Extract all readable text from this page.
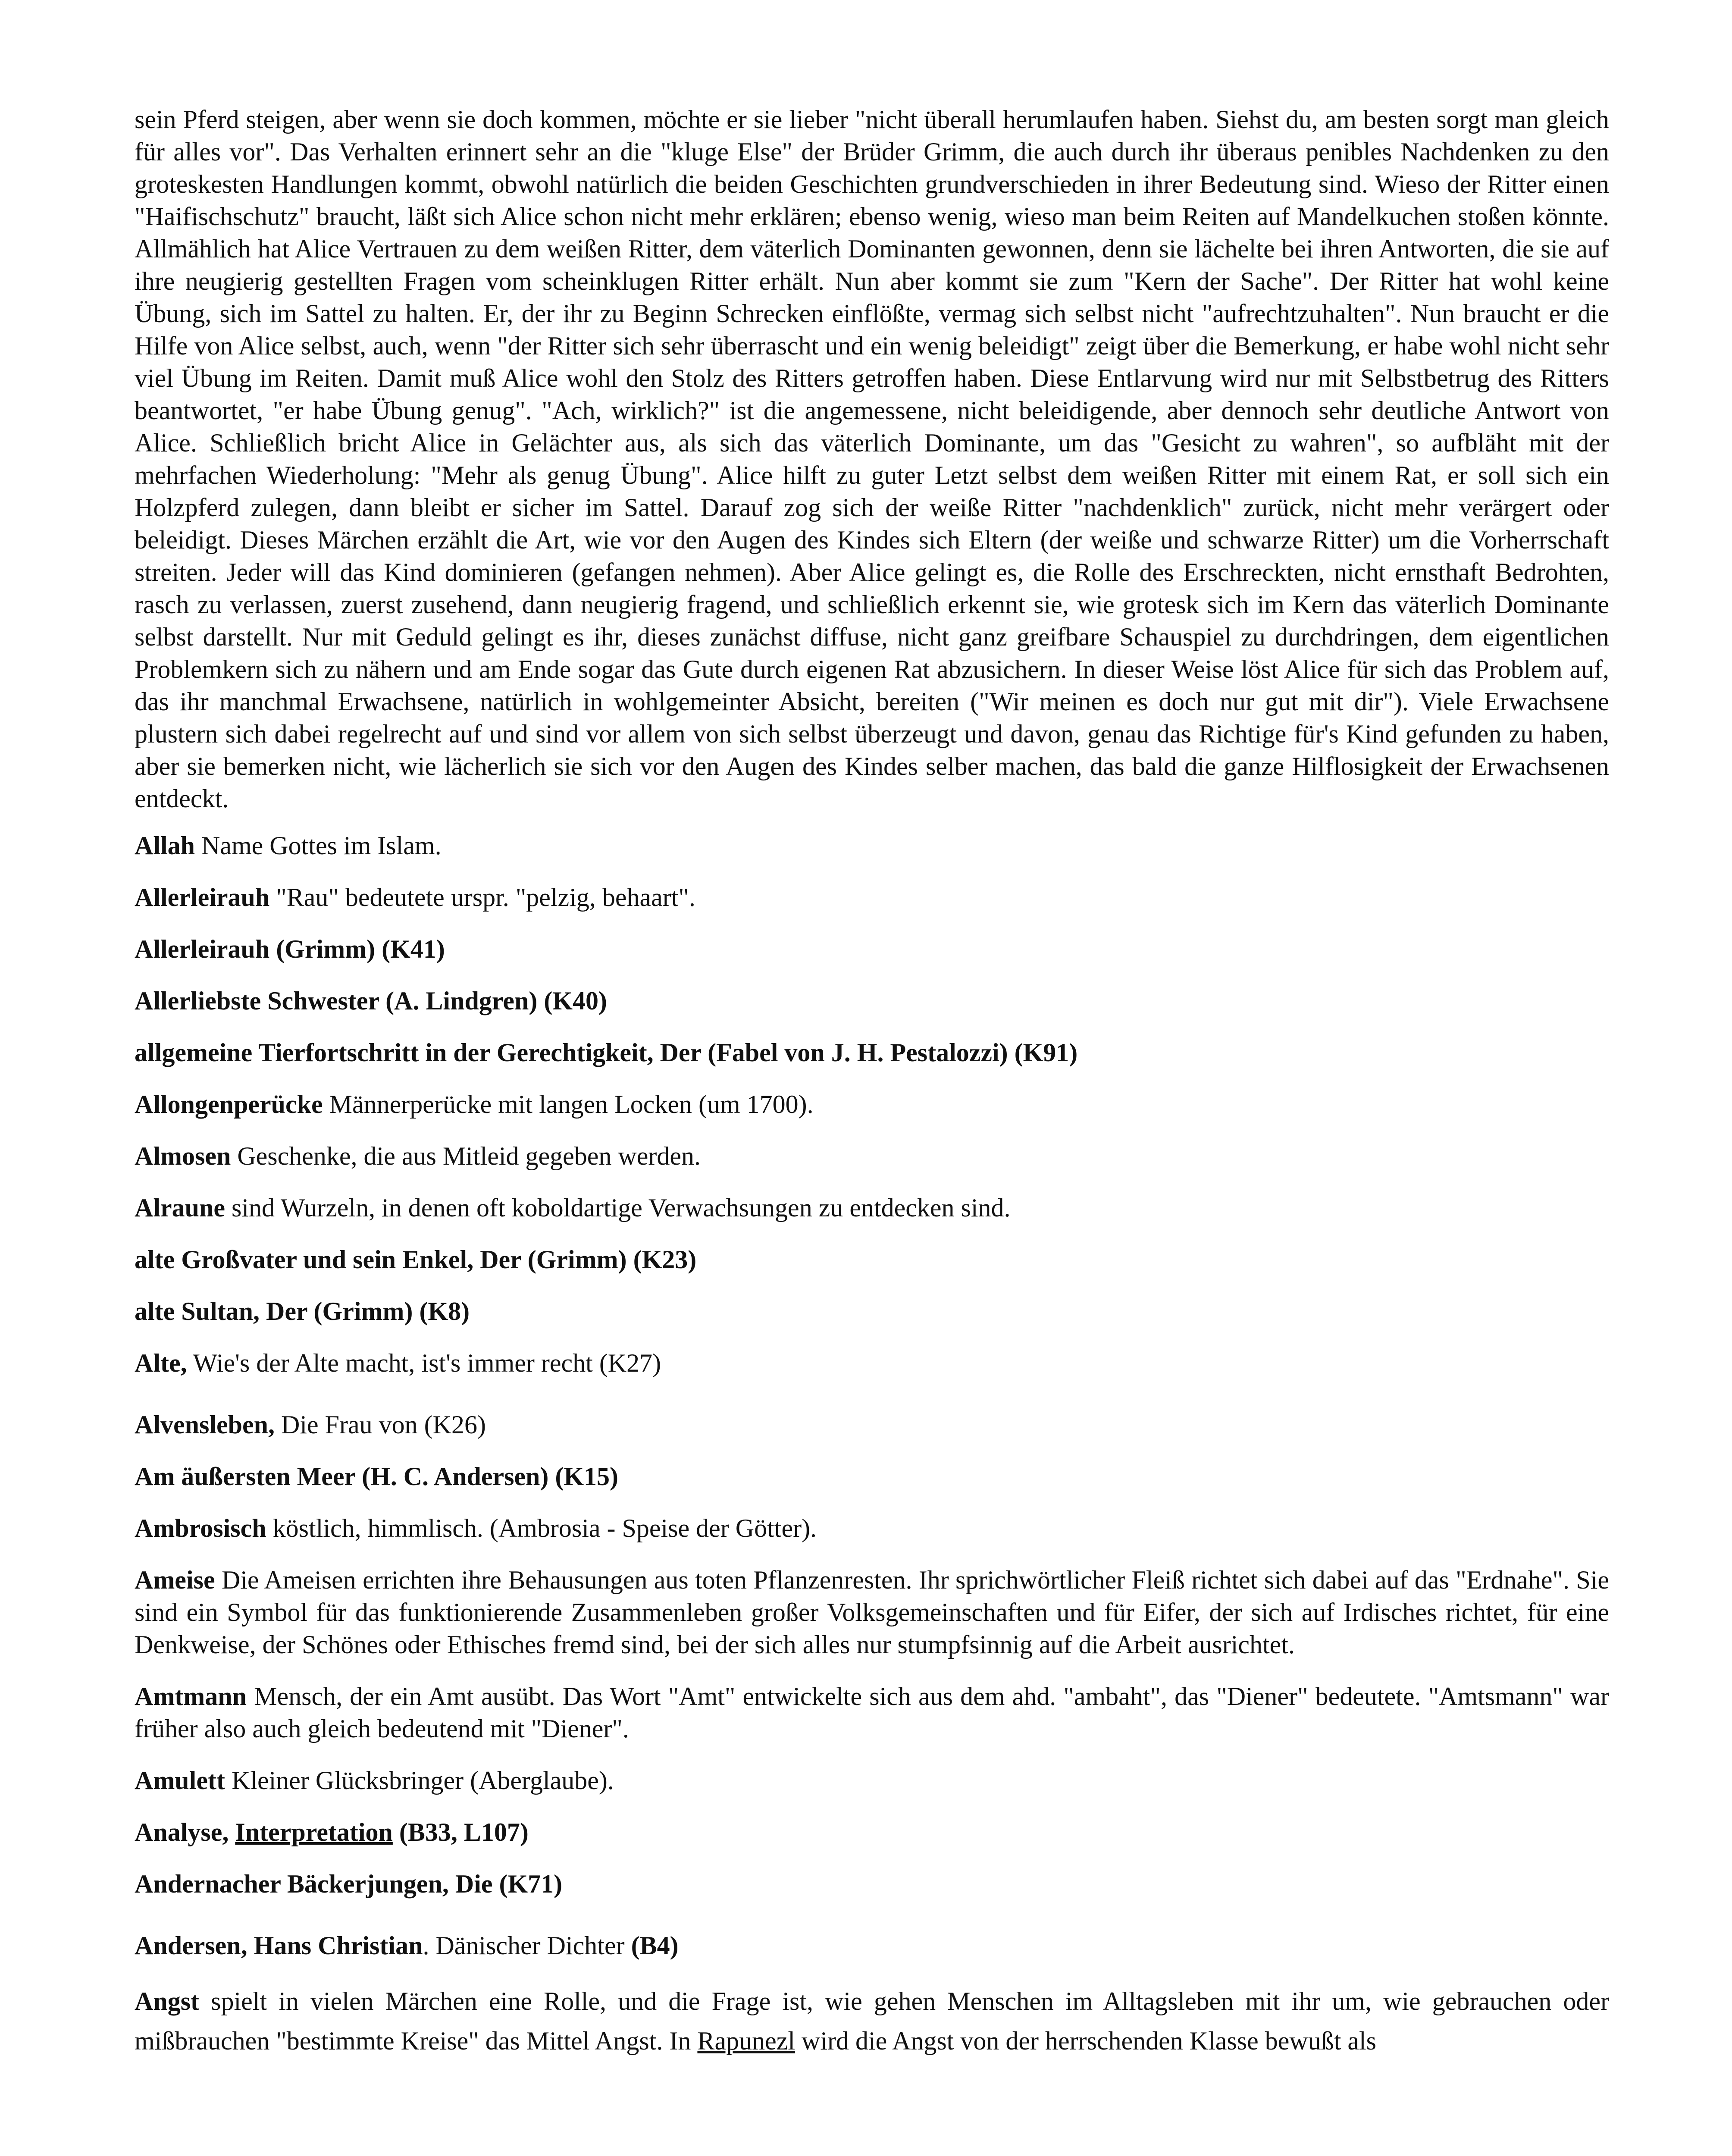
sein Pferd steigen, aber wenn sie doch kommen, möchte er sie lieber "nicht überall herumlaufen haben. Siehst du, am besten sorgt man gleich für alles vor". Das Verhalten erinnert sehr an die "kluge Else" der Brüder Grimm, die auch durch ihr überaus penibles Nachdenken zu den groteskesten Handlungen kommt, obwohl natürlich die beiden Geschichten grundverschieden in ihrer Bedeutung sind. Wieso der Ritter einen "Haifischschutz" braucht, läßt sich Alice schon nicht mehr erklären; ebenso wenig, wieso man beim Reiten auf Mandelkuchen stoßen könnte. Allmählich hat Alice Vertrauen zu dem weißen Ritter, dem väterlich Dominanten gewonnen, denn sie lächelte bei ihren Antworten, die sie auf ihre neugierig gestellten Fragen vom scheinklugen Ritter erhält. Nun aber kommt sie zum "Kern der Sache". Der Ritter hat wohl keine Übung, sich im Sattel zu halten. Er, der ihr zu Beginn Schrecken einflößte, vermag sich selbst nicht "aufrechtzuhalten". Nun braucht er die Hilfe von Alice selbst, auch, wenn "der Ritter sich sehr überrascht und ein wenig beleidigt" zeigt über die Bemerkung, er habe wohl nicht sehr viel Übung im Reiten. Damit muß Alice wohl den Stolz des Ritters getroffen haben. Diese Entlarvung wird nur mit Selbstbetrug des Ritters beantwortet, "er habe Übung genug". "Ach, wirklich?" ist die angemessene, nicht beleidigende, aber dennoch sehr deutliche Antwort von Alice. Schließlich bricht Alice in Gelächter aus, als sich das väterlich Dominante, um das "Gesicht zu wahren", so aufbläht mit der mehrfachen Wiederholung: "Mehr als genug Übung". Alice hilft zu guter Letzt selbst dem weißen Ritter mit einem Rat, er soll sich ein Holzpferd zulegen, dann bleibt er sicher im Sattel. Darauf zog sich der weiße Ritter "nachdenklich" zurück, nicht mehr verärgert oder beleidigt. Dieses Märchen erzählt die Art, wie vor den Augen des Kindes sich Eltern (der weiße und schwarze Ritter) um die Vorherrschaft streiten. Jeder will das Kind dominieren (gefangen nehmen). Aber Alice gelingt es, die Rolle des Erschreckten, nicht ernsthaft Bedrohten, rasch zu verlassen, zuerst zusehend, dann neugierig fragend, und schließlich erkennt sie, wie grotesk sich im Kern das väterlich Dominante selbst darstellt. Nur mit Geduld gelingt es ihr, dieses zunächst diffuse, nicht ganz greifbare Schauspiel zu durchdringen, dem eigentlichen Problemkern sich zu nähern und am Ende sogar das Gute durch eigenen Rat abzusichern. In dieser Weise löst Alice für sich das Problem auf, das ihr manchmal Erwachsene, natürlich in wohlgemeinter Absicht, bereiten ("Wir meinen es doch nur gut mit dir"). Viele Erwachsene plustern sich dabei regelrecht auf und sind vor allem von sich selbst überzeugt und davon, genau das Richtige für's Kind gefunden zu haben, aber sie bemerken nicht, wie lächerlich sie sich vor den Augen des Kindes selber machen, das bald die ganze Hilflosigkeit der Erwachsenen entdeckt.

Allah Name Gottes im Islam.

Allerleirauh "Rau" bedeutete urspr. "pelzig, behaart".

Allerleirauh (Grimm) (K41)

Allerliebste Schwester (A. Lindgren) (K40)

allgemeine Tierfortschritt in der Gerechtigkeit, Der (Fabel von J. H. Pestalozzi) (K91)

Allongenperücke Männerperücke mit langen Locken (um 1700).

Almosen Geschenke, die aus Mitleid gegeben werden.

Alraune sind Wurzeln, in denen oft koboldartige Verwachsungen zu entdecken sind.

alte Großvater und sein Enkel, Der (Grimm) (K23)

alte Sultan, Der (Grimm) (K8)

Alte, Wie's der Alte macht, ist's immer recht (K27)

Alvensleben, Die Frau von (K26)

Am äußersten Meer (H. C. Andersen) (K15)

Ambrosisch köstlich, himmlisch. (Ambrosia - Speise der Götter).

Ameise Die Ameisen errichten ihre Behausungen aus toten Pflanzenresten. Ihr sprichwörtlicher Fleiß richtet sich dabei auf das "Erdnahe". Sie sind ein Symbol für das funktionierende Zusammenleben großer Volksgemeinschaften und für Eifer, der sich auf Irdisches richtet, für eine Denkweise, der Schönes oder Ethisches fremd sind, bei der sich alles nur stumpfsinnig auf die Arbeit ausrichtet.

Amtmann Mensch, der ein Amt ausübt. Das Wort "Amt" entwickelte sich aus dem ahd. "ambaht", das "Diener" bedeutete. "Amtsmann" war früher also auch gleich bedeutend mit "Diener".

Amulett Kleiner Glücksbringer (Aberglaube).

Analyse, Interpretation (B33, L107)

Andernacher Bäckerjungen, Die (K71)

Andersen, Hans Christian. Dänischer Dichter (B4)

Angst spielt in vielen Märchen eine Rolle, und die Frage ist, wie gehen Menschen im Alltagsleben mit ihr um, wie gebrauchen oder mißbrauchen "bestimmte Kreise" das Mittel Angst. In Rapunezl wird die Angst von der herrschenden Klasse bewußt als
